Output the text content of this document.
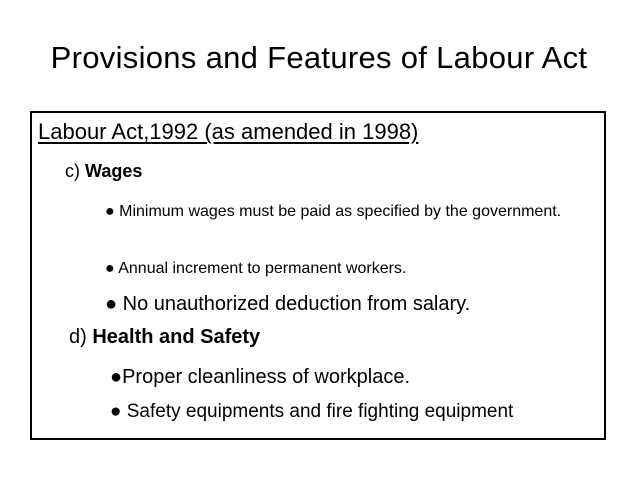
Provisions and Features of Labour Act
Labour Act,1992 (as amended in 1998)
c) Wages
● Minimum wages must be paid as specified by the government.
● Annual increment to permanent workers.
● No unauthorized deduction from salary.
d) Health and Safety
●Proper cleanliness of workplace.
● Safety equipments and fire fighting equipment
